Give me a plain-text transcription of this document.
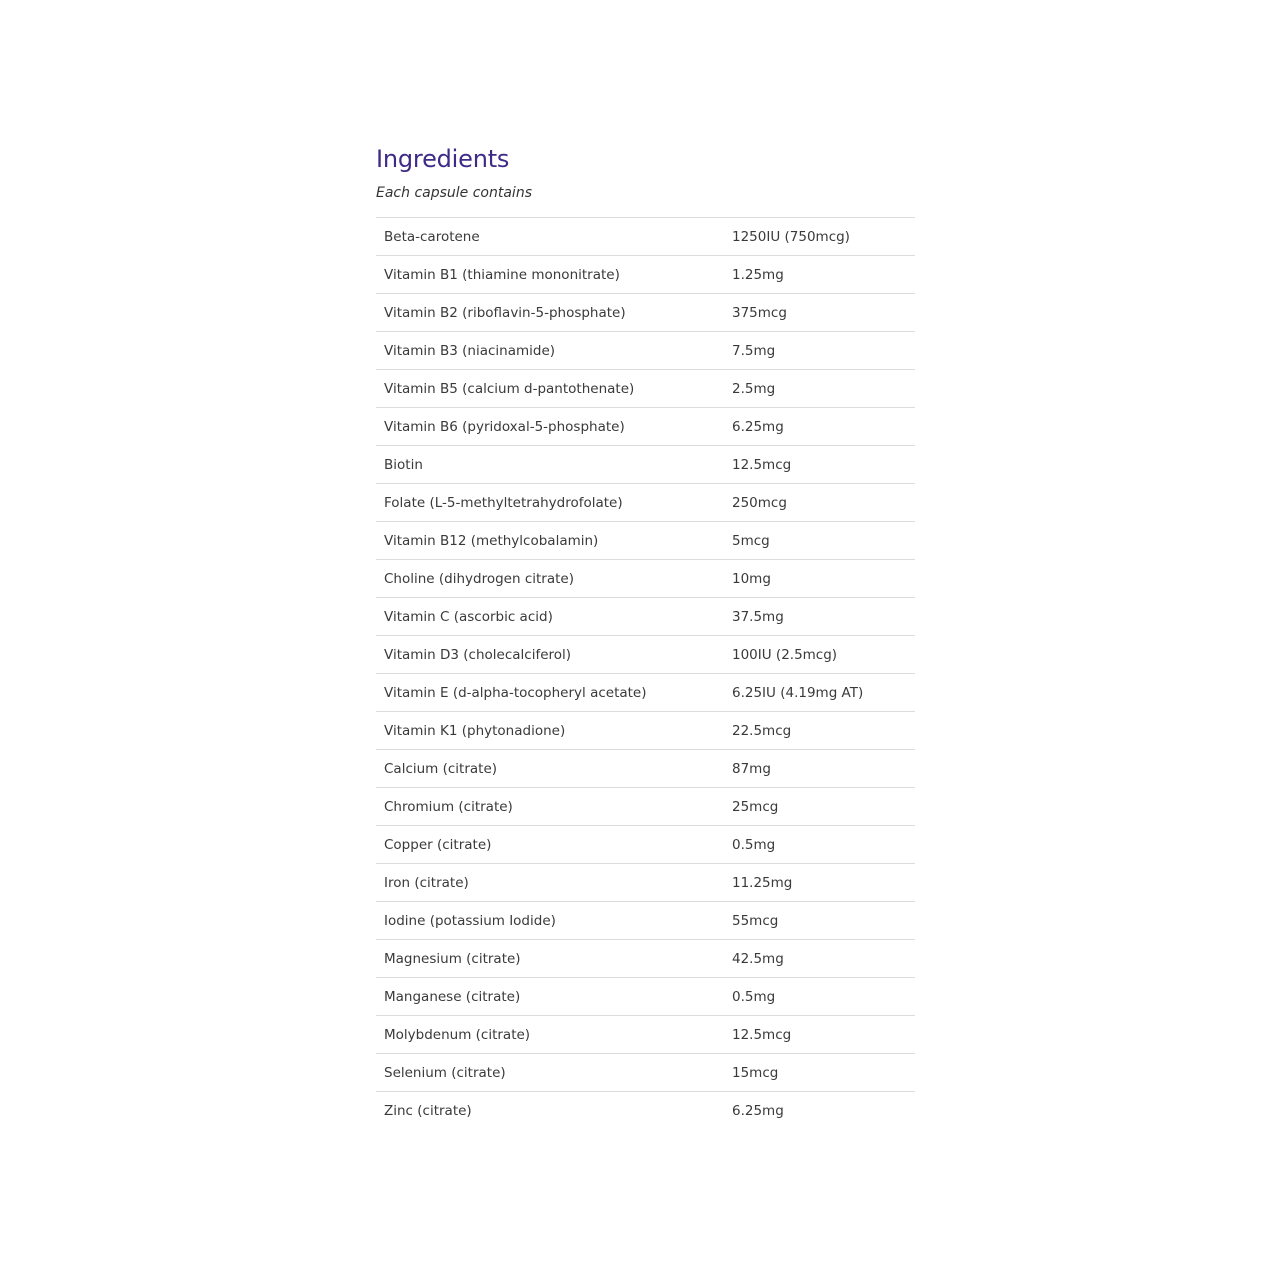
Ingredients

Each capsule contains

Beta-carotene	1250IU (750mcg)
Vitamin B1 (thiamine mononitrate)	1.25mg
Vitamin B2 (riboflavin-5-phosphate)	375mcg
Vitamin B3 (niacinamide)	7.5mg
Vitamin B5 (calcium d-pantothenate)	2.5mg
Vitamin B6 (pyridoxal-5-phosphate)	6.25mg
Biotin	12.5mcg
Folate (L-5-methyltetrahydrofolate)	250mcg
Vitamin B12 (methylcobalamin)	5mcg
Choline (dihydrogen citrate)	10mg
Vitamin C (ascorbic acid)	37.5mg
Vitamin D3 (cholecalciferol)	100IU (2.5mcg)
Vitamin E (d-alpha-tocopheryl acetate)	6.25IU (4.19mg AT)
Vitamin K1 (phytonadione)	22.5mcg
Calcium (citrate)	87mg
Chromium (citrate)	25mcg
Copper (citrate)	0.5mg
Iron (citrate)	11.25mg
Iodine (potassium Iodide)	55mcg
Magnesium (citrate)	42.5mg
Manganese (citrate)	0.5mg
Molybdenum (citrate)	12.5mcg
Selenium (citrate)	15mcg
Zinc (citrate)	6.25mg
